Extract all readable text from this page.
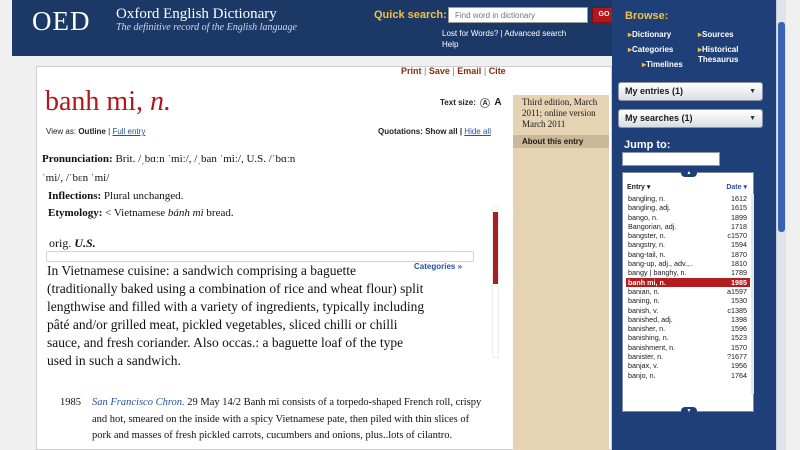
OED Oxford English Dictionary
The definitive record of the English language
Quick search:
Find word in dictionary	GO
Lost for Words? | Advanced search
Help
Print | Save | Email | Cite
banh mi, n.	Text size: A A
View as: Outline | Full entry	Quotations: Show all | Hide all
Pronunciation: Brit. /ˌbɑːn ˈmiː/, /ˌban ˈmiː/, U.S. /ˈbɑːn
ˈmi/, /ˈbɛn ˈmi/
Inflections: Plural unchanged.
Etymology: < Vietnamese bánh mì bread.
orig. U.S.
Categories »
In Vietnamese cuisine: a sandwich comprising a baguette (traditionally baked using a combination of rice and wheat flour) split lengthwise and filled with a variety of ingredients, typically including pâté and/or grilled meat, pickled vegetables, sliced chilli or chilli sauce, and fresh coriander. Also occas.: a baguette loaf of the type used in such a sandwich.
1985	San Francisco Chron. 29 May 14/2 Banh mi consists of a torpedo-shaped French roll, crispy and hot, smeared on the inside with a spicy Vietnamese pate, then piled with thin slices of pork and masses of fresh pickled carrots, cucumbers and onions, plus..lots of cilantro.
Third edition, March 2011; online version March 2011
About this entry
Browse:
▸ Dictionary	▸ Sources
▸ Categories	▸ Historical Thesaurus
▸ Timelines
My entries (1)	▼
My searches (1)	▼
Jump to:
▴
Entry ▾	Date ▾
bangling, n.	1612
bangling, adj.	1615
bango, n.	1899
Bangorian, adj.	1718
bangster, n.	c1570
bangstry, n.	1594
bang-tail, n.	1870
bang-up, adj., adv.,..	1810
bangy | banghy, n.	1789
banh mi, n.	1985
banian, n.	a1597
baning, n.	1530
banish, v.	c1385
banished, adj.	1398
banisher, n.	1596
banishing, n.	1523
banishment, n.	1570
banister, n.	?1677
banjax, v.	1956
banjo, n.	1764
▾
